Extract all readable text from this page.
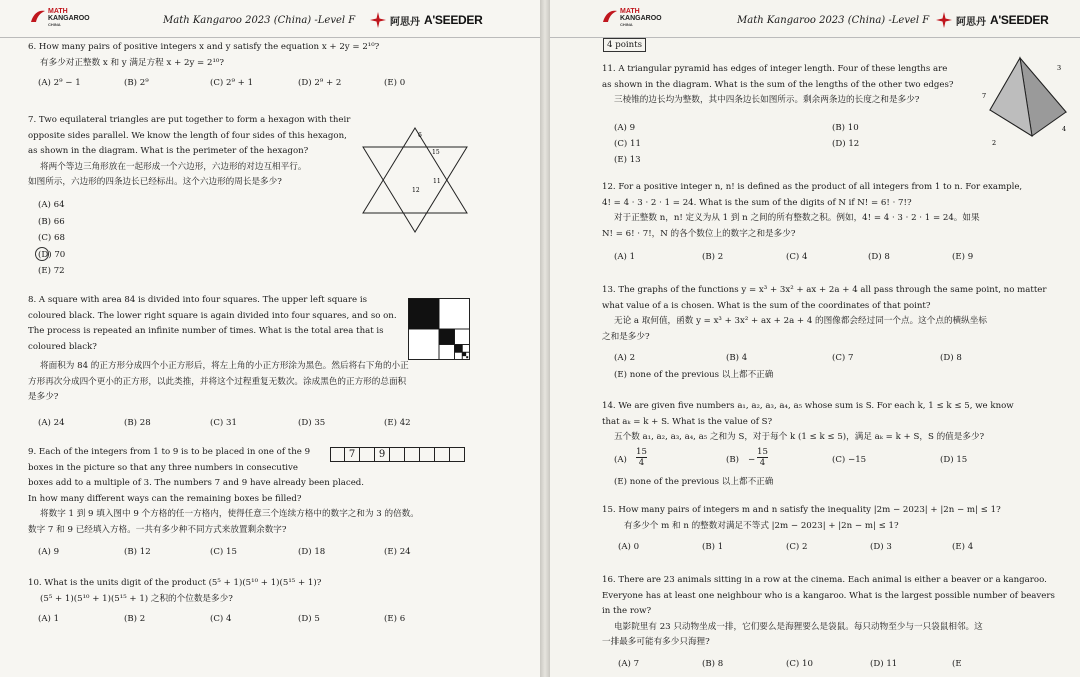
MATH
KANGAROO
CHINA	Math Kangaroo 2023 (China) -Level F	阿思丹 A'SEEDER

6. How many pairs of positive integers x and y satisfy the equation x + 2y = 2¹⁰?

有多少对正整数 x 和 y 满足方程 x + 2y = 2¹⁰?

(A) 2⁹ − 1	(B) 2⁹	(C) 2⁹ + 1	(D) 2⁹ + 2	(E) 0

7. Two equilateral triangles are put together to form a hexagon with their

opposite sides parallel. We know the length of four sides of this hexagon,

as shown in the diagram. What is the perimeter of the hexagon?

将两个等边三角形放在一起形成一个六边形，六边形的对边互相平行。

如图所示，六边形的四条边长已经标出。这个六边形的周长是多少?

6
15
11
12

(A) 64

(B) 66

(C) 68

(D) 70

(E) 72

8. A square with area 84 is divided into four squares. The upper left square is

coloured black. The lower right square is again divided into four squares, and so on.

The process is repeated an infinite number of times. What is the total area that is

coloured black?

将面积为 84 的正方形分成四个小正方形后，将左上角的小正方形涂为黑色。然后将右下角的小正

方形再次分成四个更小的正方形，以此类推，并将这个过程重复无数次。涂成黑色的正方形的总面积

是多少?

(A) 24	(B) 28	(C) 31	(D) 35	(E) 42

9. Each of the integers from 1 to 9 is to be placed in one of the 9

boxes in the picture so that any three numbers in consecutive

boxes add to a multiple of 3. The numbers 7 and 9 have already been placed.

In how many different ways can the remaining boxes be filled?

将数字 1 到 9 填入图中 9 个方格的任一方格内，使得任意三个连续方格中的数字之和为 3 的倍数。

数字 7 和 9 已经填入方格。一共有多少种不同方式来放置剩余数字?

7	9
(A) 9	(B) 12	(C) 15	(D) 18	(E) 24

10. What is the units digit of the product (5⁵ + 1)(5¹⁰ + 1)(5¹⁵ + 1)?

(5⁵ + 1)(5¹⁰ + 1)(5¹⁵ + 1) 之积的个位数是多少?

(A) 1	(B) 2	(C) 4	(D) 5	(E) 6
MATH
KANGAROO
CHINA	Math Kangaroo 2023 (China) -Level F	阿思丹 A'SEEDER
4 points

11. A triangular pyramid has edges of integer length. Four of these lengths are

as shown in the diagram. What is the sum of the lengths of the other two edges?

三棱锥的边长均为整数，其中四条边长如图所示。剩余两条边的长度之和是多少?

3
7
4
2
(A) 9	(B) 10
(C) 11	(D) 12
(E) 13

12. For a positive integer n, n! is defined as the product of all integers from 1 to n. For example,

4! = 4 · 3 · 2 · 1 = 24. What is the sum of the digits of N if N! = 6! · 7!?

对于正整数 n，n! 定义为从 1 到 n 之间的所有整数之积。例如，4! = 4 · 3 · 2 · 1 = 24。如果

N! = 6! · 7!，N 的各个数位上的数字之和是多少?

(A) 1	(B) 2	(C) 4	(D) 8	(E) 9

13. The graphs of the functions y = x³ + 3x² + ax + 2a + 4 all pass through the same point, no matter

what value of a is chosen. What is the sum of the coordinates of that point?

无论 a 取何值，函数 y = x³ + 3x² + ax + 2a + 4 的图像都会经过同一个点。这个点的横纵坐标

之和是多少?

(A) 2	(B) 4	(C) 7	(D) 8
(E) none of the previous 以上都不正确

14. We are given five numbers a₁, a₂, a₃, a₄, a₅ whose sum is S. For each k, 1 ≤ k ≤ 5, we know

that aₖ = k + S. What is the value of S?

五个数 a₁, a₂, a₃, a₄, a₅ 之和为 S，对于每个 k (1 ≤ k ≤ 5)，满足 aₖ = k + S，S 的值是多少?

(A)
15
4	(B) −
15
4	(C) −15	(D) 15
(E) none of the previous 以上都不正确

15. How many pairs of integers m and n satisfy the inequality |2m − 2023| + |2n − m| ≤ 1?

有多少个 m 和 n 的整数对满足不等式 |2m − 2023| + |2n − m| ≤ 1?

(A) 0	(B) 1	(C) 2	(D) 3	(E) 4

16. There are 23 animals sitting in a row at the cinema. Each animal is either a beaver or a kangaroo.

Everyone has at least one neighbour who is a kangaroo. What is the largest possible number of beavers

in the row?

电影院里有 23 只动物坐成一排，它们要么是海狸要么是袋鼠。每只动物至少与一只袋鼠相邻。这

一排最多可能有多少只海狸?

(A) 7	(B) 8	(C) 10	(D) 11	(E
